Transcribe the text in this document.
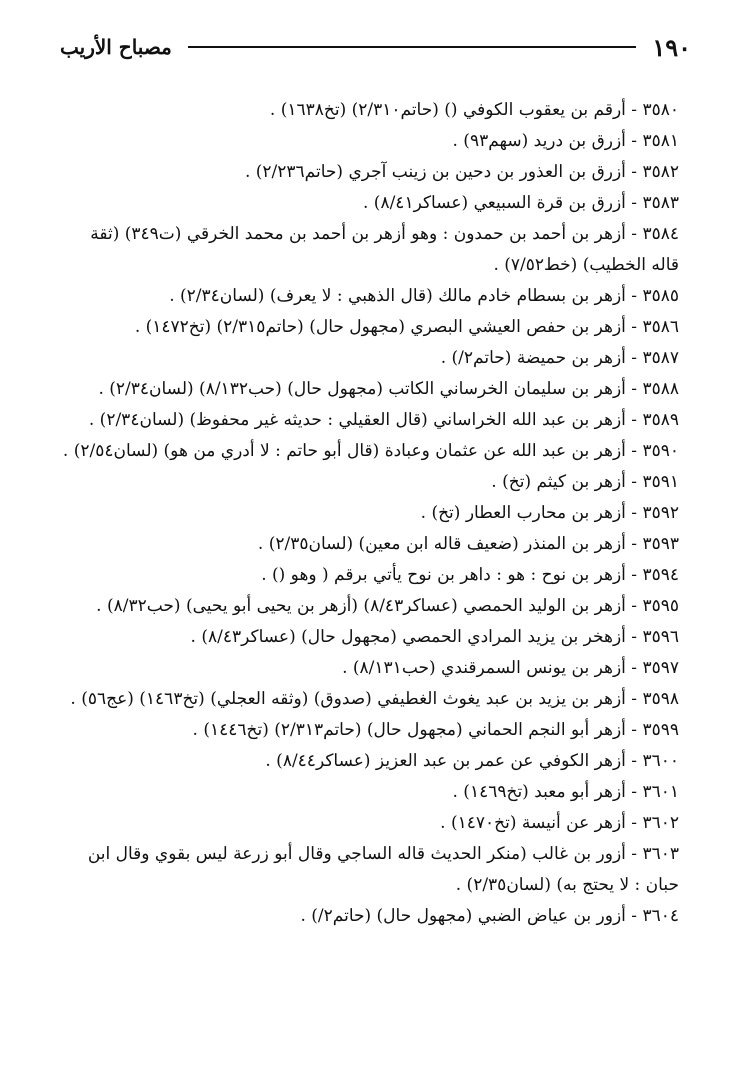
١٩٠
مصباح الأريب
٣٥٨٠ - أرقم بن يعقوب الكوفي () (حاتم٢/٣١٠) (تخ١٦٣٨) .
٣٥٨١ - أزرق بن دريد (سهم٩٣) .
٣٥٨٢ - أزرق بن العذور بن دحين بن زينب آجري (حاتم٢/٢٣٦) .
٣٥٨٣ - أزرق بن قرة السبيعي (عساكر٨/٤١) .
٣٥٨٤ - أزهر بن أحمد بن حمدون : وهو أزهر بن أحمد بن محمد الخرقي (ت٣٤٩) (ثقة قاله الخطيب) (خط٧/٥٢) .
٣٥٨٥ - أزهر بن بسطام خادم مالك (قال الذهبي : لا يعرف) (لسان٢/٣٤) .
٣٥٨٦ - أزهر بن حفص العيشي البصري (مجهول حال) (حاتم٢/٣١٥) (تخ١٤٧٢) .
٣٥٨٧ - أزهر بن حميضة (حاتم٢/) .
٣٥٨٨ - أزهر بن سليمان الخرساني الكاتب (مجهول حال) (حب٨/١٣٢) (لسان٢/٣٤) .
٣٥٨٩ - أزهر بن عبد الله الخراساني (قال العقيلي : حديثه غير محفوظ) (لسان٢/٣٤) .
٣٥٩٠ - أزهر بن عبد الله عن عثمان وعبادة (قال أبو حاتم : لا أدري من هو) (لسان٢/٥٤) .
٣٥٩١ - أزهر بن كيثم (تخ) .
٣٥٩٢ - أزهر بن محارب العطار (تخ) .
٣٥٩٣ - أزهر بن المنذر (ضعيف قاله ابن معين) (لسان٢/٣٥) .
٣٥٩٤ - أزهر بن نوح : هو : داهر بن نوح يأتي برقم ( وهو () .
٣٥٩٥ - أزهر بن الوليد الحمصي (عساكر٨/٤٣) (أزهر بن يحيى أبو يحيى) (حب٨/٣٢) .
٣٥٩٦ - أزهخر بن يزيد المرادي الحمصي (مجهول حال) (عساكر٨/٤٣) .
٣٥٩٧ - أزهر بن يونس السمرقندي (حب٨/١٣١) .
٣٥٩٨ - أزهر بن يزيد بن عبد يغوث الغطيفي (صدوق) (وثقه العجلي) (تخ١٤٦٣) (عج٥٦) .
٣٥٩٩ - أزهر أبو النجم الحماني (مجهول حال) (حاتم٢/٣١٣) (تخ١٤٤٦) .
٣٦٠٠ - أزهر الكوفي عن عمر بن عبد العزيز (عساكر٨/٤٤) .
٣٦٠١ - أزهر أبو معبد (تخ١٤٦٩) .
٣٦٠٢ - أزهر عن أنيسة (تخ١٤٧٠) .
٣٦٠٣ - أزور بن غالب (منكر الحديث قاله الساجي وقال أبو زرعة ليس بقوي وقال ابن حبان : لا يحتج به) (لسان٢/٣٥) .
٣٦٠٤ - أزور بن عياض الضبي (مجهول حال) (حاتم٢/) .
